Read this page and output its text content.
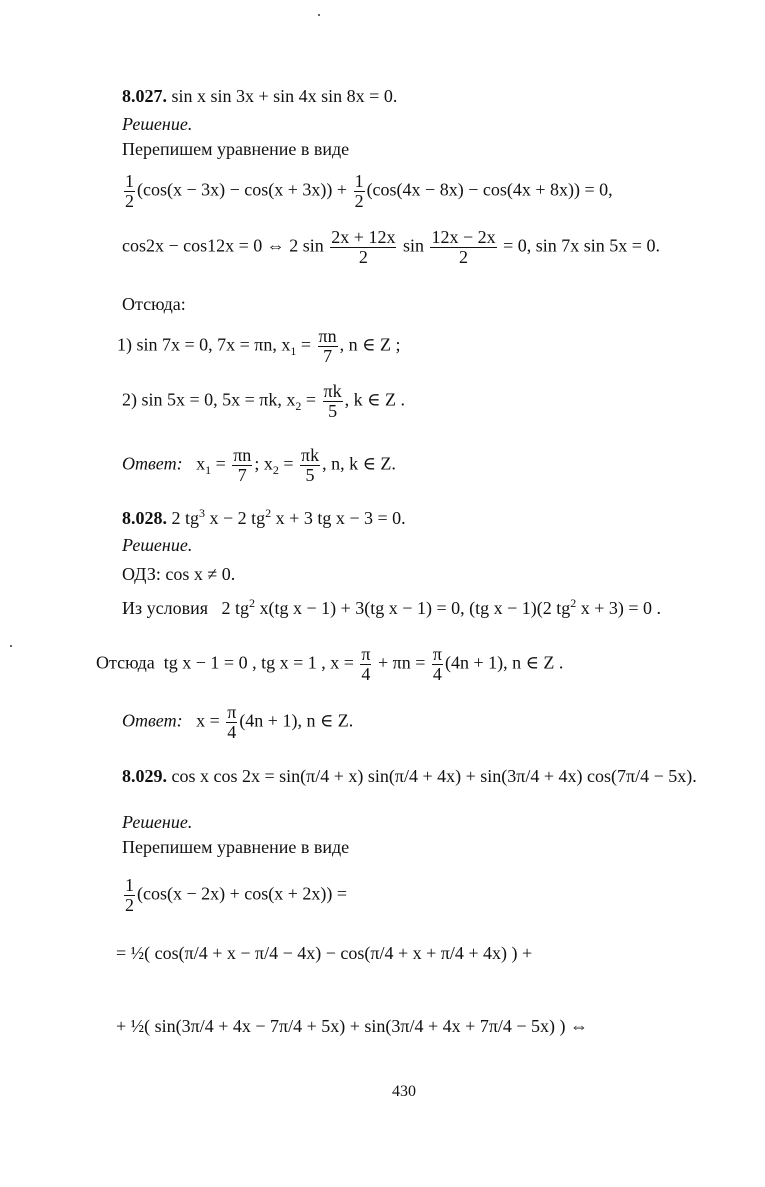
8.027. sin x sin 3x + sin 4x sin 8x = 0.
Решение.
Перепишем уравнение в виде
$\frac{1}{2} (\cos(x - 3x) - \cos(x + 3x)) + \frac{1}{2} (\cos(4x - 8x) - \cos(4x + 8x)) = 0$,
cos2x − cos12x = 0 ⇔ 2 $\sin \frac{2x + 12x}{2}$ $\sin \frac{12x - 2x}{2} = 0$, sin 7x sin 5x = 0.
Отсюда:
1) sin 7x = 0, 7x = πn, $x_1 = \frac{\pi n}{7}$ , n ∈ Z ;
2) sin 5x = 0, 5x = πk, $x_2 = \frac{\pi k}{5}$ , k ∈ Z .
Ответ: $x_1 = \frac{\pi n}{7}$ ; $x_2 = \frac{\pi k}{5}$ , n, k ∈ Z.
8.028. 2 $tg^3$ x − 2 $tg^2$ x + 3 tg x − 3 = 0.
Решение.
ОДЗ: cos x ≠ 0.
Из условия 2 $tg^2$ x(tg x − 1) + 3(tg x − 1) = 0, (tg x − 1)(2 $tg^2$ x + 3) = 0 .
Отсюда tg x − 1 = 0 , tg x = 1 , $x = \frac{\pi}{4} + \pi n = \frac{\pi}{4} (4n + 1)$, n ∈ Z .
Ответ: $x = \frac{\pi}{4} (4n + 1)$, n ∈ Z.
8.029. cos x cos 2x = sin(π/4 + x) sin(π/4 + 4x) + sin(3π/4 + 4x) cos(7π/4 − 5x).
Решение.
Перепишем уравнение в виде
$\frac{1}{2} (\cos(x - 2x) + \cos(x + 2x))$ =
= ½( cos(π/4 + x − π/4 − 4x) − cos(π/4 + x + π/4 + 4x) ) +
+ ½( sin(3π/4 + 4x − 7π/4 + 5x) + sin(3π/4 + 4x + 7π/4 − 5x) ) ⇔
430
